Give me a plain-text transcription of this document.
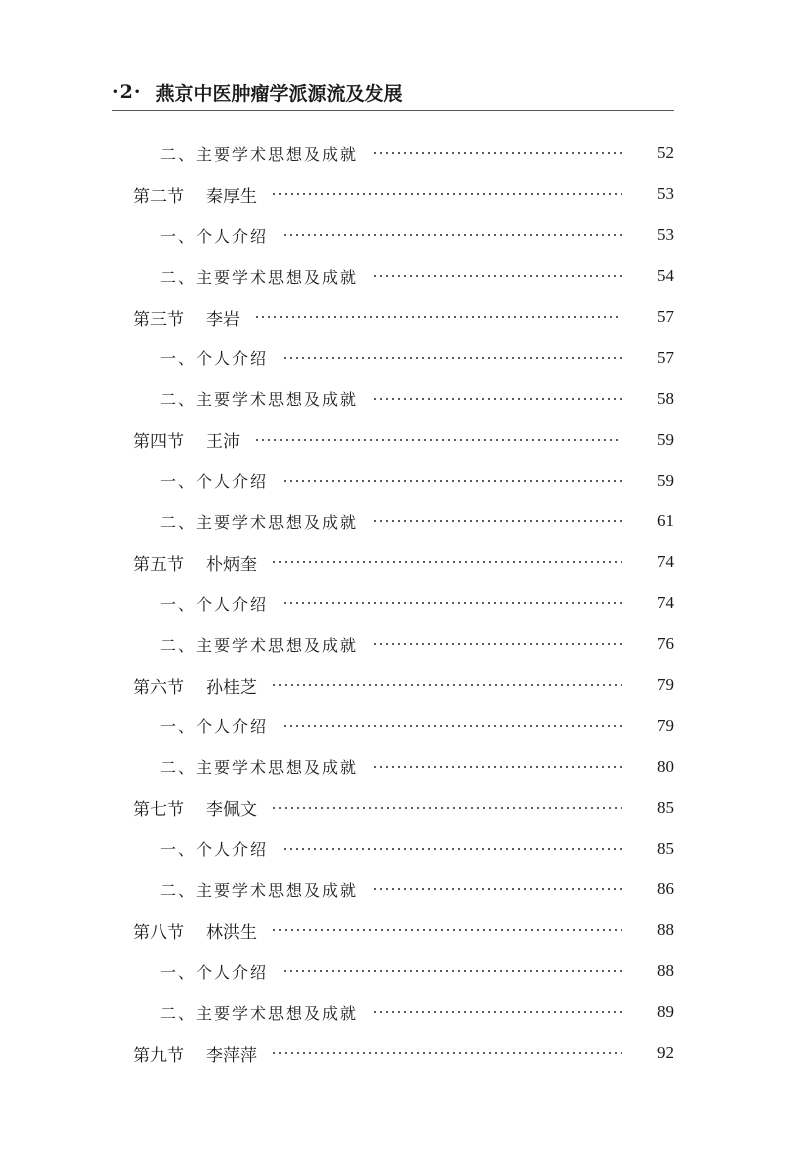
·2· 燕京中医肿瘤学派源流及发展
二、主要学术思想及成就	52
第二节 秦厚生	53
一、个人介绍	53
二、主要学术思想及成就	54
第三节 李岩	57
一、个人介绍	57
二、主要学术思想及成就	58
第四节 王沛	59
一、个人介绍	59
二、主要学术思想及成就	61
第五节 朴炳奎	74
一、个人介绍	74
二、主要学术思想及成就	76
第六节 孙桂芝	79
一、个人介绍	79
二、主要学术思想及成就	80
第七节 李佩文	85
一、个人介绍	85
二、主要学术思想及成就	86
第八节 林洪生	88
一、个人介绍	88
二、主要学术思想及成就	89
第九节 李萍萍	92
